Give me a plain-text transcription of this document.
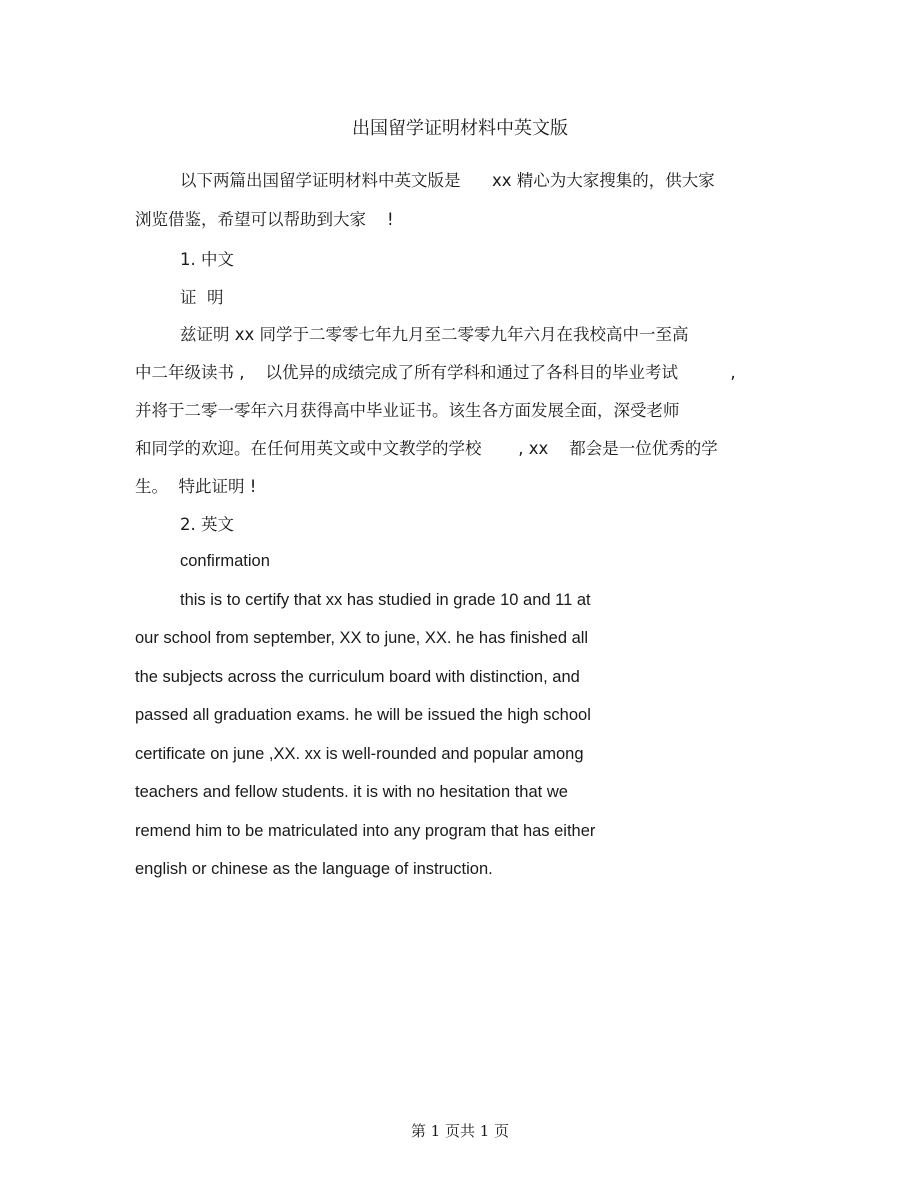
出国留学证明材料中英文版
以下两篇出国留学证明材料中英文版是      xx 精心为大家搜集的，供大家
浏览借鉴，希望可以帮助到大家    !
1. 中文
证  明
兹证明 xx 同学于二零零七年九月至二零零九年六月在我校高中一至高
中二年级读书 ,    以优异的成绩完成了所有学科和通过了各科目的毕业考试          ,
并将于二零一零年六月获得高中毕业证书。该生各方面发展全面，深受老师
和同学的欢迎。在任何用英文或中文教学的学校       , xx    都会是一位优秀的学
生。  特此证明 !
2. 英文
confirmation
this is to certify that xx has studied in grade 10 and 11 at
our school from september, XX to june, XX. he has finished all
the subjects across the curriculum board with distinction, and
passed all graduation exams. he will be issued the high school
certificate on june ,XX. xx is well-rounded and popular among
teachers and fellow students. it is with no hesitation that we
remend him to be matriculated into any program that has either
english or chinese as the language of instruction.
第 1 页共 1 页
